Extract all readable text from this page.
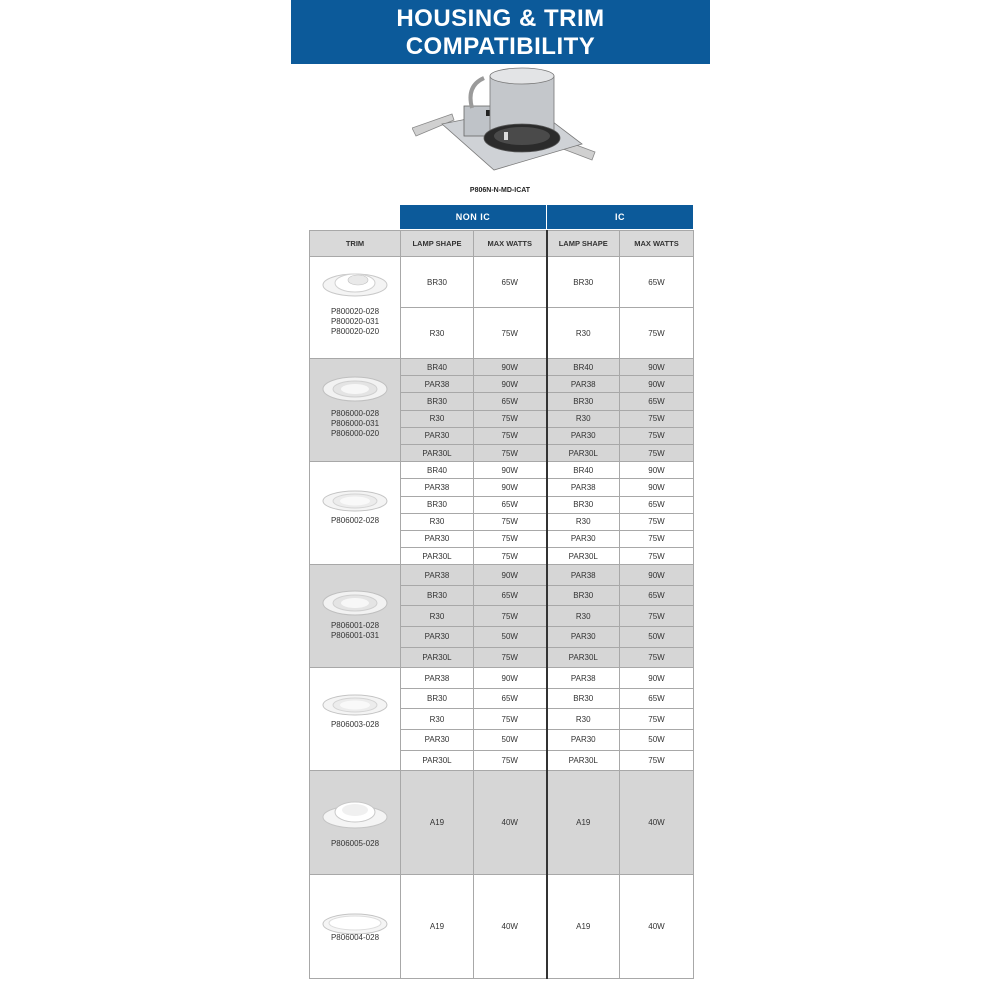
HOUSING & TRIM
COMPATIBILITY
P806N-N-MD-ICAT
NON IC	IC
TRIM	LAMP SHAPE	MAX WATTS	LAMP SHAPE	MAX WATTS

P800020-028
P800020-031
P800020-020	BR30	65W	BR30	65W
	R30	75W	R30	75W

P806000-028
P806000-031
P806000-020	BR40	90W	BR40	90W
	PAR38	90W	PAR38	90W
	BR30	65W	BR30	65W
	R30	75W	R30	75W
	PAR30	75W	PAR30	75W
	PAR30L	75W	PAR30L	75W

P806002-028	BR40	90W	BR40	90W
	PAR38	90W	PAR38	90W
	BR30	65W	BR30	65W
	R30	75W	R30	75W
	PAR30	75W	PAR30	75W
	PAR30L	75W	PAR30L	75W

P806001-028
P806001-031	PAR38	90W	PAR38	90W
	BR30	65W	BR30	65W
	R30	75W	R30	75W
	PAR30	50W	PAR30	50W
	PAR30L	75W	PAR30L	75W

P806003-028	PAR38	90W	PAR38	90W
	BR30	65W	BR30	65W
	R30	75W	R30	75W
	PAR30	50W	PAR30	50W
	PAR30L	75W	PAR30L	75W

P806005-028	A19	40W	A19	40W

P806004-028	A19	40W	A19	40W
